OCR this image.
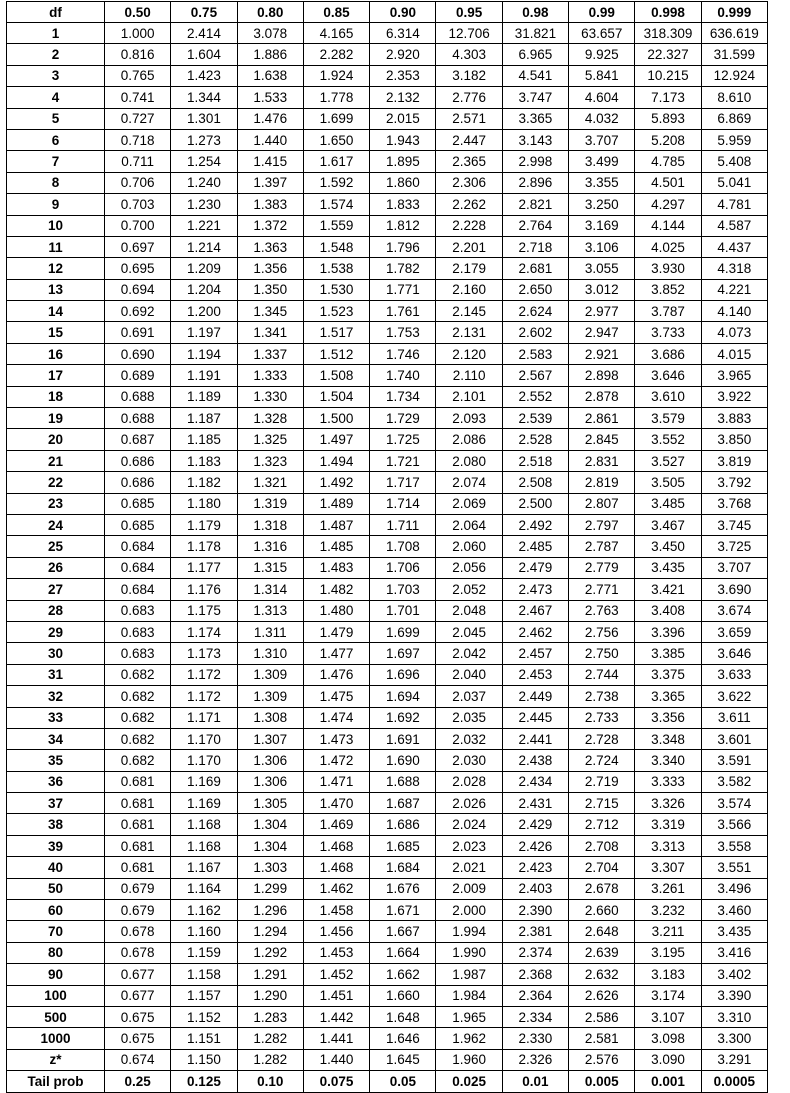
df	0.50	0.75	0.80	0.85	0.90	0.95	0.98	0.99	0.998	0.999
1	1.000	2.414	3.078	4.165	6.314	12.706	31.821	63.657	318.309	636.619
2	0.816	1.604	1.886	2.282	2.920	4.303	6.965	9.925	22.327	31.599
3	0.765	1.423	1.638	1.924	2.353	3.182	4.541	5.841	10.215	12.924
4	0.741	1.344	1.533	1.778	2.132	2.776	3.747	4.604	7.173	8.610
5	0.727	1.301	1.476	1.699	2.015	2.571	3.365	4.032	5.893	6.869
6	0.718	1.273	1.440	1.650	1.943	2.447	3.143	3.707	5.208	5.959
7	0.711	1.254	1.415	1.617	1.895	2.365	2.998	3.499	4.785	5.408
8	0.706	1.240	1.397	1.592	1.860	2.306	2.896	3.355	4.501	5.041
9	0.703	1.230	1.383	1.574	1.833	2.262	2.821	3.250	4.297	4.781
10	0.700	1.221	1.372	1.559	1.812	2.228	2.764	3.169	4.144	4.587
11	0.697	1.214	1.363	1.548	1.796	2.201	2.718	3.106	4.025	4.437
12	0.695	1.209	1.356	1.538	1.782	2.179	2.681	3.055	3.930	4.318
13	0.694	1.204	1.350	1.530	1.771	2.160	2.650	3.012	3.852	4.221
14	0.692	1.200	1.345	1.523	1.761	2.145	2.624	2.977	3.787	4.140
15	0.691	1.197	1.341	1.517	1.753	2.131	2.602	2.947	3.733	4.073
16	0.690	1.194	1.337	1.512	1.746	2.120	2.583	2.921	3.686	4.015
17	0.689	1.191	1.333	1.508	1.740	2.110	2.567	2.898	3.646	3.965
18	0.688	1.189	1.330	1.504	1.734	2.101	2.552	2.878	3.610	3.922
19	0.688	1.187	1.328	1.500	1.729	2.093	2.539	2.861	3.579	3.883
20	0.687	1.185	1.325	1.497	1.725	2.086	2.528	2.845	3.552	3.850
21	0.686	1.183	1.323	1.494	1.721	2.080	2.518	2.831	3.527	3.819
22	0.686	1.182	1.321	1.492	1.717	2.074	2.508	2.819	3.505	3.792
23	0.685	1.180	1.319	1.489	1.714	2.069	2.500	2.807	3.485	3.768
24	0.685	1.179	1.318	1.487	1.711	2.064	2.492	2.797	3.467	3.745
25	0.684	1.178	1.316	1.485	1.708	2.060	2.485	2.787	3.450	3.725
26	0.684	1.177	1.315	1.483	1.706	2.056	2.479	2.779	3.435	3.707
27	0.684	1.176	1.314	1.482	1.703	2.052	2.473	2.771	3.421	3.690
28	0.683	1.175	1.313	1.480	1.701	2.048	2.467	2.763	3.408	3.674
29	0.683	1.174	1.311	1.479	1.699	2.045	2.462	2.756	3.396	3.659
30	0.683	1.173	1.310	1.477	1.697	2.042	2.457	2.750	3.385	3.646
31	0.682	1.172	1.309	1.476	1.696	2.040	2.453	2.744	3.375	3.633
32	0.682	1.172	1.309	1.475	1.694	2.037	2.449	2.738	3.365	3.622
33	0.682	1.171	1.308	1.474	1.692	2.035	2.445	2.733	3.356	3.611
34	0.682	1.170	1.307	1.473	1.691	2.032	2.441	2.728	3.348	3.601
35	0.682	1.170	1.306	1.472	1.690	2.030	2.438	2.724	3.340	3.591
36	0.681	1.169	1.306	1.471	1.688	2.028	2.434	2.719	3.333	3.582
37	0.681	1.169	1.305	1.470	1.687	2.026	2.431	2.715	3.326	3.574
38	0.681	1.168	1.304	1.469	1.686	2.024	2.429	2.712	3.319	3.566
39	0.681	1.168	1.304	1.468	1.685	2.023	2.426	2.708	3.313	3.558
40	0.681	1.167	1.303	1.468	1.684	2.021	2.423	2.704	3.307	3.551
50	0.679	1.164	1.299	1.462	1.676	2.009	2.403	2.678	3.261	3.496
60	0.679	1.162	1.296	1.458	1.671	2.000	2.390	2.660	3.232	3.460
70	0.678	1.160	1.294	1.456	1.667	1.994	2.381	2.648	3.211	3.435
80	0.678	1.159	1.292	1.453	1.664	1.990	2.374	2.639	3.195	3.416
90	0.677	1.158	1.291	1.452	1.662	1.987	2.368	2.632	3.183	3.402
100	0.677	1.157	1.290	1.451	1.660	1.984	2.364	2.626	3.174	3.390
500	0.675	1.152	1.283	1.442	1.648	1.965	2.334	2.586	3.107	3.310
1000	0.675	1.151	1.282	1.441	1.646	1.962	2.330	2.581	3.098	3.300
z*	0.674	1.150	1.282	1.440	1.645	1.960	2.326	2.576	3.090	3.291
Tail prob	0.25	0.125	0.10	0.075	0.05	0.025	0.01	0.005	0.001	0.0005
